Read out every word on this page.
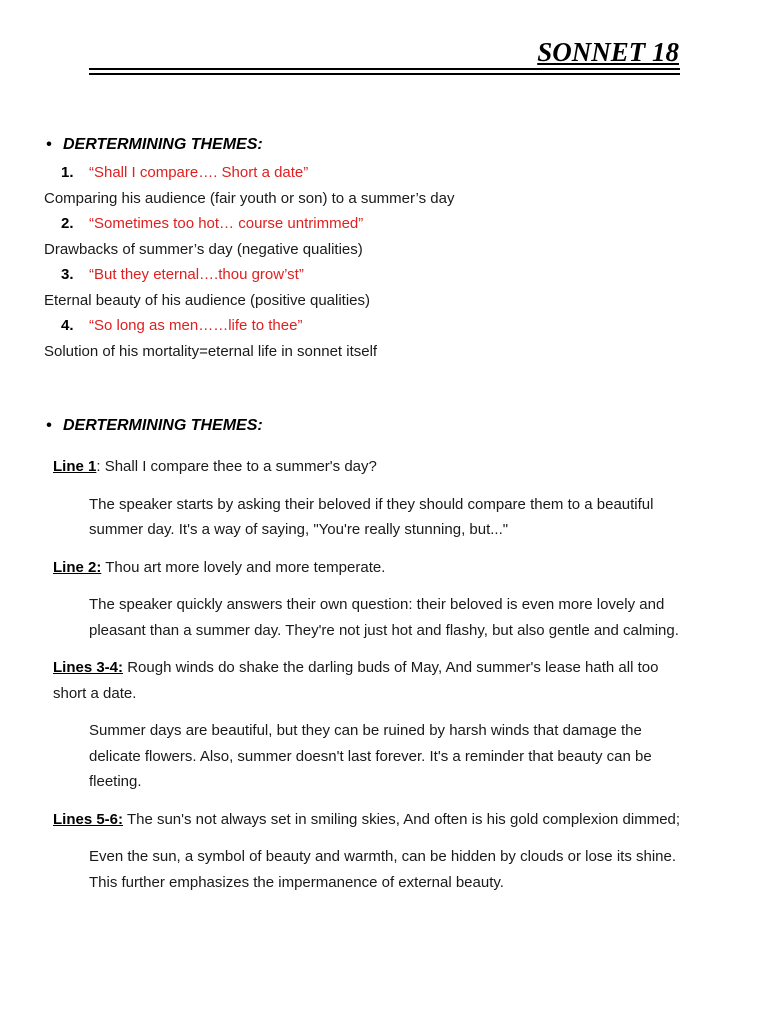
SONNET 18
• DERTERMINING THEMES:
1. “Shall I compare…. Short a date”
Comparing his audience (fair youth or son) to a summer’s day
2. “Sometimes too hot… course untrimmed”
Drawbacks of summer’s day (negative qualities)
3. “But they eternal….thou grow’st”
Eternal beauty of his audience (positive qualities)
4. “So long as men……life to thee”
Solution of his mortality=eternal life in sonnet itself
• DERTERMINING THEMES:
Line 1: Shall I compare thee to a summer's day?
The speaker starts by asking their beloved if they should compare them to a beautiful summer day. It's a way of saying, "You're really stunning, but..."
Line 2: Thou art more lovely and more temperate.
The speaker quickly answers their own question: their beloved is even more lovely and pleasant than a summer day. They're not just hot and flashy, but also gentle and calming.
Lines 3-4: Rough winds do shake the darling buds of May, And summer's lease hath all too short a date.
Summer days are beautiful, but they can be ruined by harsh winds that damage the delicate flowers. Also, summer doesn't last forever. It's a reminder that beauty can be fleeting.
Lines 5-6: The sun's not always set in smiling skies, And often is his gold complexion dimmed;
Even the sun, a symbol of beauty and warmth, can be hidden by clouds or lose its shine. This further emphasizes the impermanence of external beauty.
